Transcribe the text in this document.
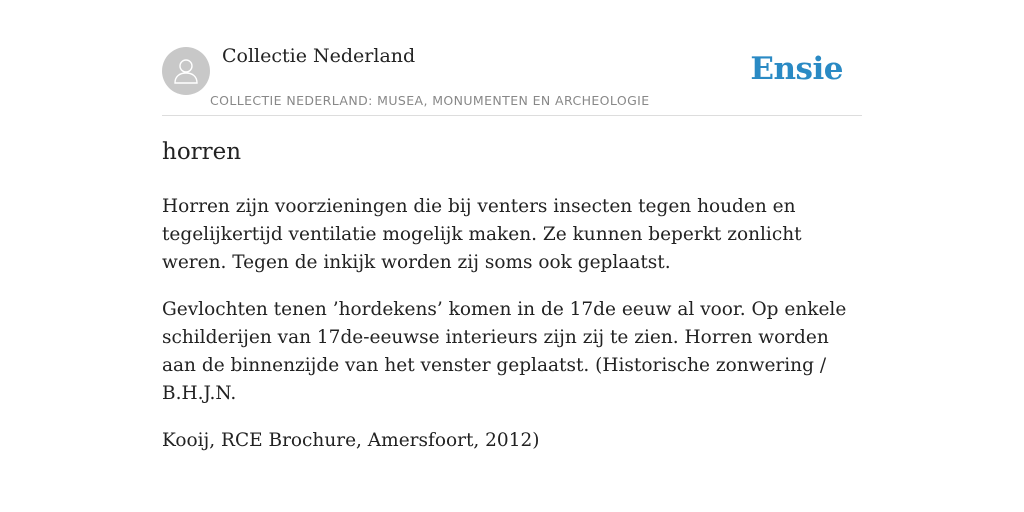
Collectie Nederland
COLLECTIE NEDERLAND: MUSEA, MONUMENTEN EN ARCHEOLOGIE
Ensie
horren

Horren zijn voorzieningen die bij venters insecten tegen houden en tegelijkertijd ventilatie mogelijk maken. Ze kunnen beperkt zonlicht weren. Tegen de inkijk worden zij soms ook geplaatst.

Gevlochten tenen ’hordekens’ komen in de 17de eeuw al voor. Op enkele schilderijen van 17de-eeuwse interieurs zijn zij te zien. Horren worden aan de binnenzijde van het venster geplaatst. (Historische zonwering / B.H.J.N.

Kooij, RCE Brochure, Amersfoort, 2012)
